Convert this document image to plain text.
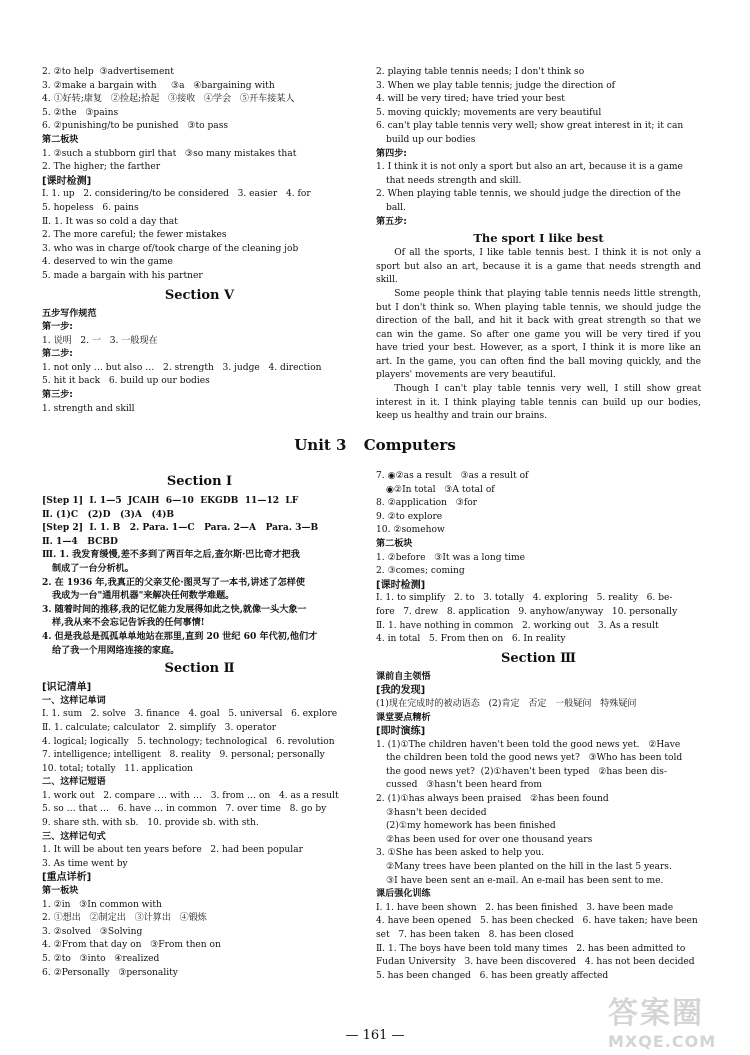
2. ②to help  ③advertisement
3. ②make a bargain with     ③a   ④bargaining with
4. ①好转;康复   ②捡起;拾起   ③接收   ④学会   ⑤开车接某人
5. ②the   ③pains
6. ②punishing/to be punished   ③to pass
第二板块
1. ②such a stubborn girl that   ③so many mistakes that
2. The higher; the farther
[课时检测]
Ⅰ. 1. up   2. considering/to be considered   3. easier   4. for
5. hopeless   6. pains
Ⅱ. 1. It was so cold a day that
2. The more careful; the fewer mistakes
3. who was in charge of/took charge of the cleaning job
4. deserved to win the game
5. made a bargain with his partner
Section Ⅴ
五步写作规范
第一步:
1. 说明   2. 一   3. 一般现在
第二步:
1. not only … but also …   2. strength   3. judge   4. direction
5. hit it back   6. build up our bodies
第三步:
1. strength and skill
2. playing table tennis needs; I don't think so
3. When we play table tennis; judge the direction of
4. will be very tired; have tried your best
5. moving quickly; movements are very beautiful
6. can't play table tennis very well; show great interest in it; it can
build up our bodies
第四步:
1. I think it is not only a sport but also an art, because it is a game
that needs strength and skill.
2. When playing table tennis, we should judge the direction of the
ball.
第五步:
The sport I like best
Of all the sports, I like table tennis best. I think it is not only a sport but also an art, because it is a game that needs strength and skill.
Some people think that playing table tennis needs little strength, but I don't think so. When playing table tennis, we should judge the direction of the ball, and hit it back with great strength so that we can win the game. So after one game you will be very tired if you have tried your best. However, as a sport, I think it is more like an art. In the game, you can often find the ball moving quickly, and the players' movements are very beautiful.
Though I can't play table tennis very well, I still show great interest in it. I think playing table tennis can build up our bodies, keep us healthy and train our brains.
Unit 3 Computers
Section Ⅰ
[Step 1]  Ⅰ. 1—5  JCAIH  6—10  EKGDB  11—12  LF
Ⅱ. (1)C   (2)D   (3)A   (4)B
[Step 2]  Ⅰ. 1. B   2. Para. 1—C   Para. 2—A   Para. 3—B
Ⅱ. 1—4   BCBD
Ⅲ. 1. 我发育缓慢,差不多到了两百年之后,查尔斯·巴比奇才把我
制成了一台分析机。
2. 在 1936 年,我真正的父亲艾伦·图灵写了一本书,讲述了怎样使
我成为一台"通用机器"来解决任何数学难题。
3. 随着时间的推移,我的记忆能力发展得如此之快,就像一头大象一
样,我从来不会忘记告诉我的任何事情!
4. 但是我总是孤孤单单地站在那里,直到 20 世纪 60 年代初,他们才
给了我一个用网络连接的家庭。
Section Ⅱ
[识记清单]
一、这样记单词
Ⅰ. 1. sum   2. solve   3. finance   4. goal   5. universal   6. explore
Ⅱ. 1. calculate; calculator   2. simplify   3. operator
4. logical; logically   5. technology; technological   6. revolution
7. intelligence; intelligent   8. reality   9. personal; personally
10. total; totally   11. application
二、这样记短语
1. work out   2. compare … with …   3. from … on   4. as a result
5. so … that …   6. have … in common   7. over time   8. go by
9. share sth. with sb.   10. provide sb. with sth.
三、这样记句式
1. It will be about ten years before   2. had been popular
3. As time went by
[重点详析]
第一板块
1. ②in   ③In common with
2. ①想出   ②制定出   ③计算出   ④锻炼
3. ②solved   ③Solving
4. ②From that day on   ③From then on
5. ②to   ③into   ④realized
6. ②Personally   ③personality
7. ◉②as a result   ③as a result of
◉②In total   ③A total of
8. ②application   ③for
9. ②to explore
10. ②somehow
第二板块
1. ②before   ③It was a long time
2. ③comes; coming
[课时检测]
Ⅰ. 1. to simplify   2. to   3. totally   4. exploring   5. reality   6. be-
fore   7. drew   8. application   9. anyhow/anyway   10. personally
Ⅱ. 1. have nothing in common   2. working out   3. As a result
4. in total   5. From then on   6. In reality
Section Ⅲ
课前自主领悟
[我的发现]
(1)现在完成时的被动语态   (2)肯定   否定   一般疑问   特殊疑问
课堂要点精析
[即时演练]
1. (1)①The children haven't been told the good news yet.   ②Have
the children been told the good news yet?   ③Who has been told
the good news yet?  (2)①haven't been typed   ②has been dis-
cussed   ③hasn't been heard from
2. (1)①has always been praised   ②has been found
③hasn't been decided
(2)①my homework has been finished
②has been used for over one thousand years
3. ①She has been asked to help you.
②Many trees have been planted on the hill in the last 5 years.
③I have been sent an e-mail. An e-mail has been sent to me.
课后强化训练
Ⅰ. 1. have been shown   2. has been finished   3. have been made
4. have been opened   5. has been checked   6. have taken; have been
set   7. has been taken   8. has been closed
Ⅱ. 1. The boys have been told many times   2. has been admitted to
Fudan University   3. have been discovered   4. has not been decided
5. has been changed   6. has been greatly affected
— 161 —
答案圈
MXQE.COM
